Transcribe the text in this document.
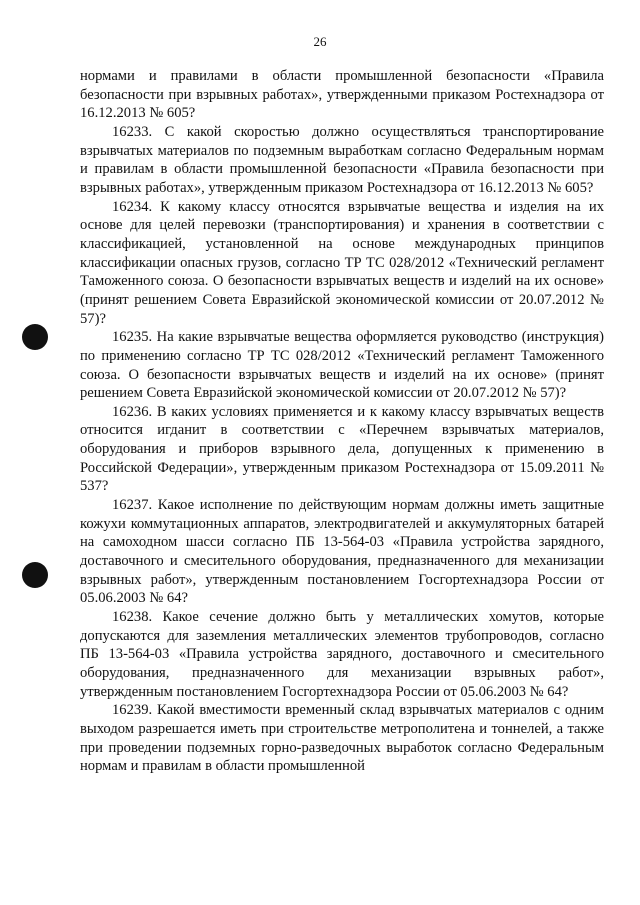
26

нормами и правилами в области промышленной безопасности «Правила безопасности при взрывных работах», утвержденными приказом Ростехнадзора от 16.12.2013 № 605?

16233. С какой скоростью должно осуществляться транспортирование взрывчатых материалов по подземным выработкам согласно Федеральным нормам и правилам в области промышленной безопасности «Правила безопасности при взрывных работах», утвержденным приказом Ростехнадзора от 16.12.2013 № 605?

16234. К какому классу относятся взрывчатые вещества и изделия на их основе для целей перевозки (транспортирования) и хранения в соответствии с классификацией, установленной на основе международных принципов классификации опасных грузов, согласно ТР ТС 028/2012 «Технический регламент Таможенного союза. О безопасности взрывчатых веществ и изделий на их основе» (принят решением Совета Евразийской экономической комиссии от 20.07.2012 № 57)?

16235. На какие взрывчатые вещества оформляется руководство (инструкция) по применению согласно ТР ТС 028/2012 «Технический регламент Таможенного союза. О безопасности взрывчатых веществ и изделий на их основе» (принят решением Совета Евразийской экономической комиссии от 20.07.2012 № 57)?

16236. В каких условиях применяется и к какому классу взрывчатых веществ относится игданит в соответствии с «Перечнем взрывчатых материалов, оборудования и приборов взрывного дела, допущенных к применению в Российской Федерации», утвержденным приказом Ростехнадзора от 15.09.2011 № 537?

16237. Какое исполнение по действующим нормам должны иметь защитные кожухи коммутационных аппаратов, электродвигателей и аккумуляторных батарей на самоходном шасси согласно ПБ 13-564-03 «Правила устройства зарядного, доставочного и смесительного оборудования, предназначенного для механизации взрывных работ», утвержденным постановлением Госгортехнадзора России от 05.06.2003 № 64?

16238. Какое сечение должно быть у металлических хомутов, которые допускаются для заземления металлических элементов трубопроводов, согласно ПБ 13-564-03 «Правила устройства зарядного, доставочного и смесительного оборудования, предназначенного для механизации взрывных работ», утвержденным постановлением Госгортехнадзора России от 05.06.2003 № 64?

16239. Какой вместимости временный склад взрывчатых материалов с одним выходом разрешается иметь при строительстве метрополитена и тоннелей, а также при проведении подземных горно-разведочных выработок согласно Федеральным нормам и правилам в области промышленной
